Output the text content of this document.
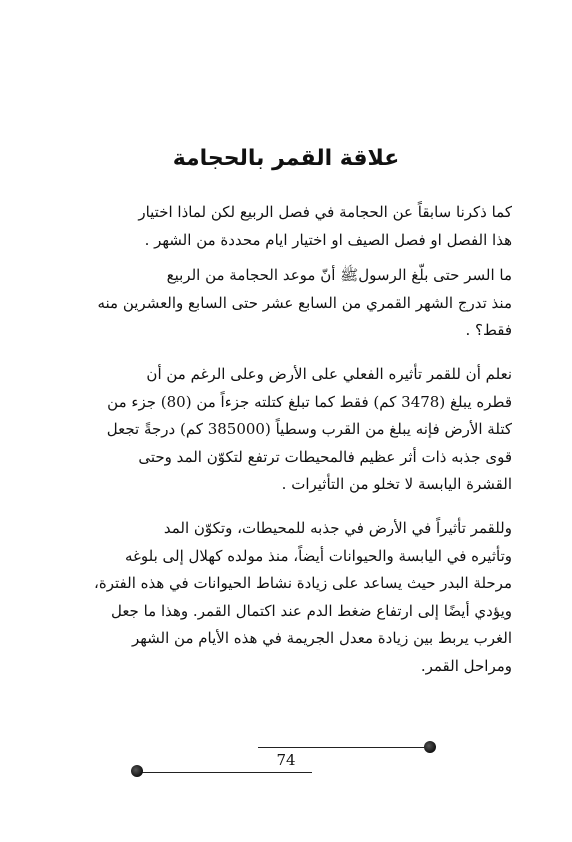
علاقة القمر بالحجامة

كما ذكرنا سابقاً عن الحجامة في فصل الربيع لكن لماذا اختيار
هذا الفصل او فصل الصيف او اختيار ايام محددة من الشهر .

ما السر حتى بلّغ الرسولﷺ أنّ موعد الحجامة من الربيع
منذ تدرج الشهر القمري من السابع عشر حتى السابع والعشرين منه
فقط؟ .

نعلم أن للقمر تأثيره الفعلي على الأرض وعلى الرغم من أن
قطره يبلغ (3478 كم) فقط كما تبلغ كتلته جزءاً من (80) جزء من
كتلة الأرض فإنه يبلغ من القرب وسطياً (385000 كم) درجةً تجعل
قوى جذبه ذات أثر عظيم فالمحيطات ترتفع لتكوّن المد وحتى
القشرة اليابسة لا تخلو من التأثيرات .

وللقمر تأثيراً في الأرض في جذبه للمحيطات، وتكوّن المد
وتأثيره في اليابسة والحيوانات أيضاً، منذ مولده كهلال إلى بلوغه
مرحلة البدر حيث يساعد على زيادة نشاط الحيوانات في هذه الفترة،
ويؤدي أيضًا إلى ارتفاع ضغط الدم عند اكتمال القمر. وهذا ما جعل
الغرب يربط بين زيادة معدل الجريمة في هذه الأيام من الشهر
ومراحل القمر.

74
